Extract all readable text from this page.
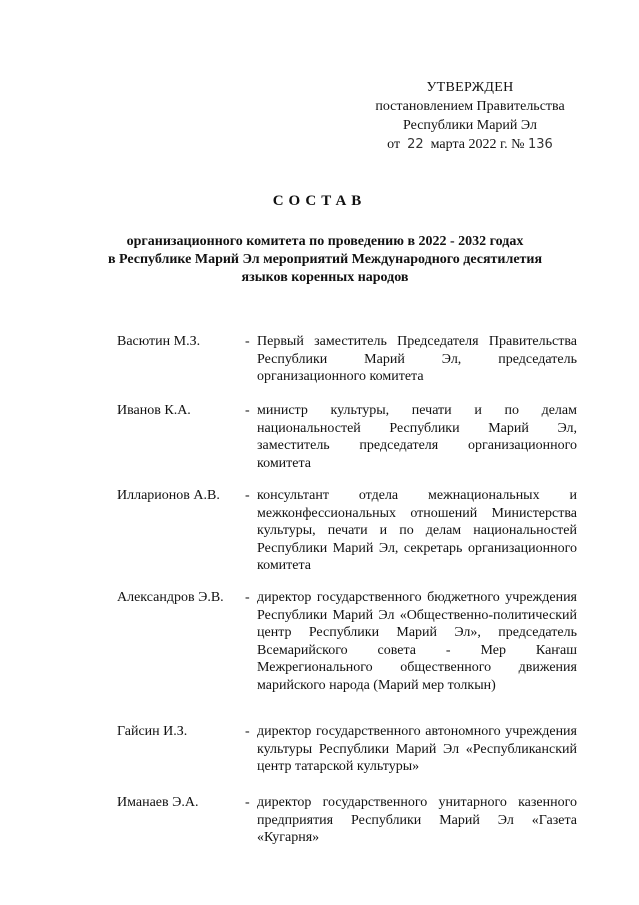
УТВЕРЖДЕН
постановлением Правительства
Республики Марий Эл
от 22 марта 2022 г. № 136
СОСТАВ
организационного комитета по проведению в 2022 - 2032 годах
в Республике Марий Эл мероприятий Международного десятилетия
языков коренных народов
Васютин М.З.	- Первый заместитель Председателя Правительства Республики Марий Эл, председатель организационного комитета
Иванов К.А.	- министр культуры, печати и по делам национальностей Республики Марий Эл, заместитель председателя организационного комитета
Илларионов А.В.	- консультант отдела межнациональных и межконфессиональных отношений Министерства культуры, печати и по делам национальностей Республики Марий Эл, секретарь организационного комитета
Александров Э.В.	- директор государственного бюджетного учреждения Республики Марий Эл «Общественно-политический центр Республики Марий Эл», председатель Всемарийского совета - Мер Каҥаш Межрегионального общественного движения марийского народа (Марий мер толкын)
Гайсин И.З.	- директор государственного автономного учреждения культуры Республики Марий Эл «Республиканский центр татарской культуры»
Иманаев Э.А.	- директор государственного унитарного казенного предприятия Республики Марий Эл «Газета «Кугарня»
